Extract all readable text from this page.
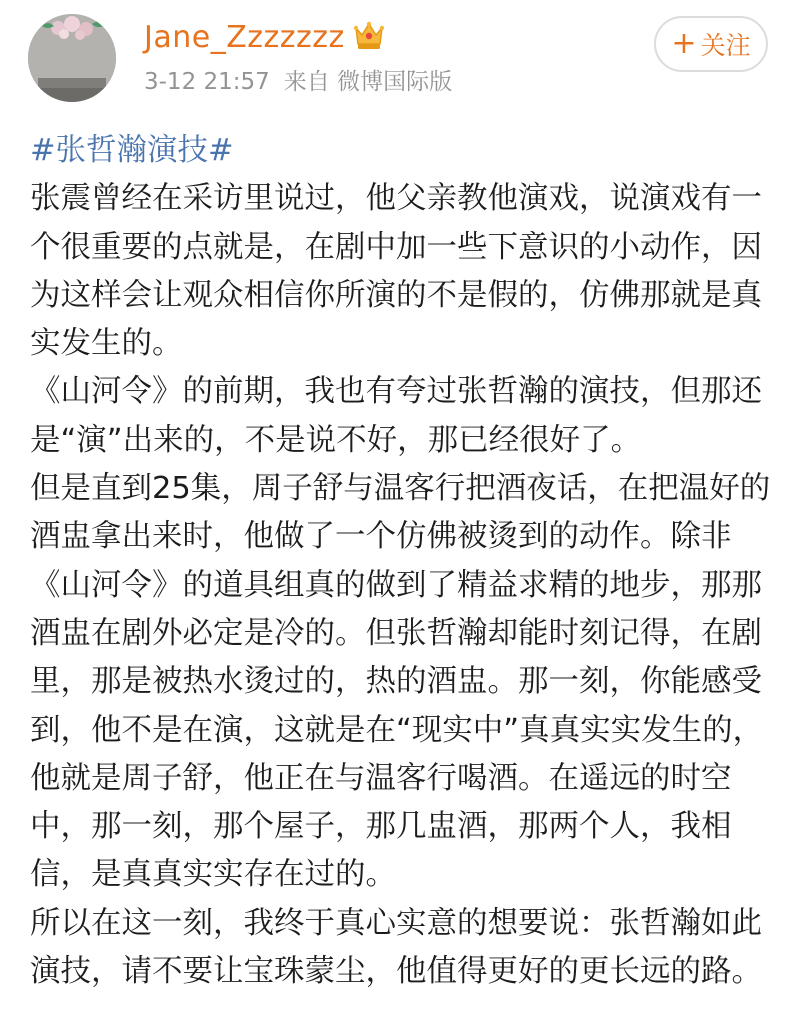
Jane_Zzzzzzz
3-12 21:57 来自 微博国际版
+ 关注

#张哲瀚演技#

张震曾经在采访里说过，他父亲教他演戏，说演戏有一个很重要的点就是，在剧中加一些下意识的小动作，因为这样会让观众相信你所演的不是假的，仿佛那就是真实发生的。

《山河令》的前期，我也有夸过张哲瀚的演技，但那还是“演”出来的，不是说不好，那已经很好了。

但是直到25集，周子舒与温客行把酒夜话，在把温好的酒盅拿出来时，他做了一个仿佛被烫到的动作。除非《山河令》的道具组真的做到了精益求精的地步，那那酒盅在剧外必定是冷的。但张哲瀚却能时刻记得，在剧里，那是被热水烫过的，热的酒盅。那一刻，你能感受到，他不是在演，这就是在“现实中”真真实实发生的，他就是周子舒，他正在与温客行喝酒。在遥远的时空中，那一刻，那个屋子，那几盅酒，那两个人，我相信，是真真实实存在过的。

所以在这一刻，我终于真心实意的想要说：张哲瀚如此演技，请不要让宝珠蒙尘，他值得更好的更长远的路。
